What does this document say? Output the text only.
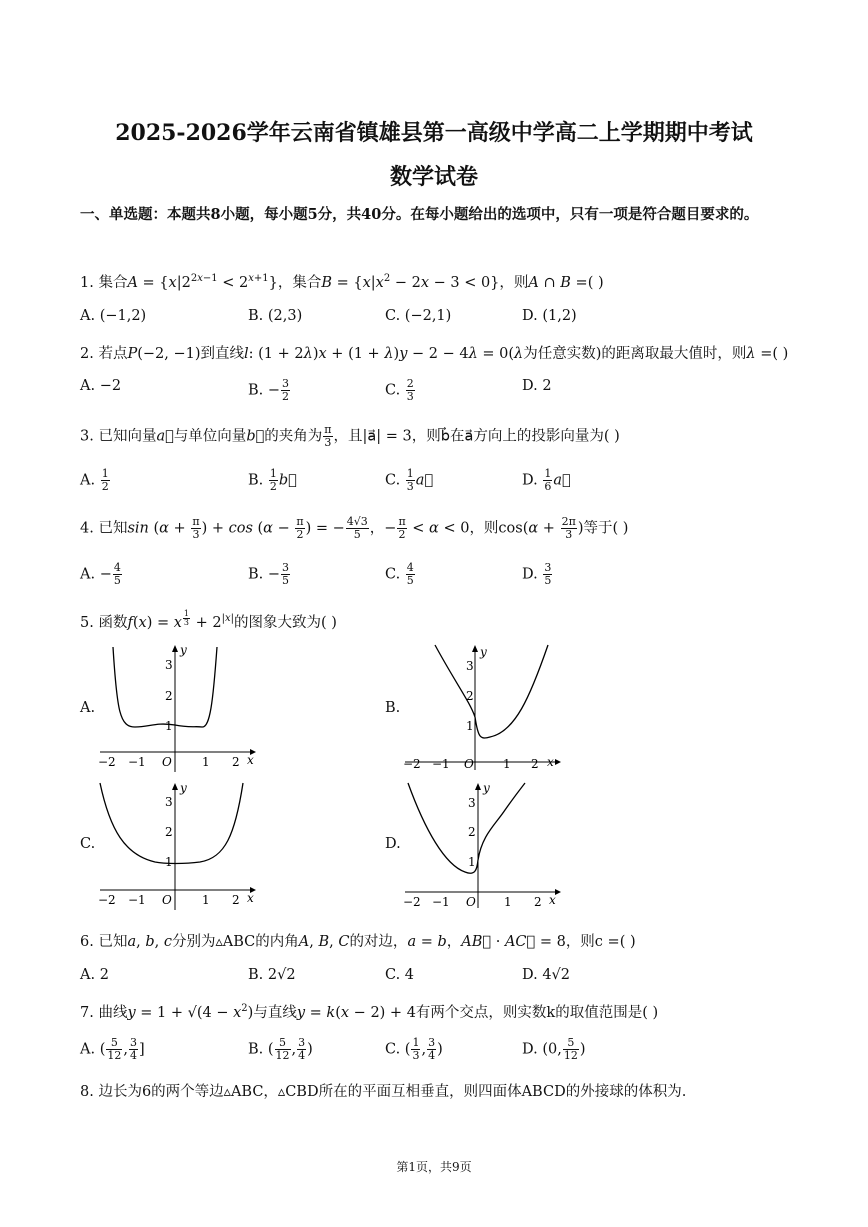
2025-2026学年云南省镇雄县第一高级中学高二上学期期中考试
数学试卷
一、单选题：本题共8小题，每小题5分，共40分。在每小题给出的选项中，只有一项是符合题目要求的。
1. 集合$A = \{x|2^{2x-1} < 2^{x+1}\}$，集合$B = \{x|x^2 - 2x - 3 < 0\}$，则A ∩ B =( )
A. (−1,2)	B. (2,3)	C. (−2,1)	D. (1,2)
2. 若点P(−2, −1)到直线l: (1 + 2λ)x + (1 + λ)y − 2 − 4λ = 0(λ为任意实数)的距离取最大值时，则λ =( )
A. −2	B. − $\frac{3}{2}$	C. $\frac{2}{3}$	D. 2
3. 已知向量a⃗与单位向量b⃗的夹角为 $\frac{\pi}{3}$ ，且|a⃗| = 3，则b⃗在a⃗方向上的投影向量为( )
A. $\frac{1}{2}$	B. $\frac{1}{2}$ b⃗	C. $\frac{1}{3}$ a⃗	D. $\frac{1}{6}$ a⃗
4. 已知$\sin (\alpha + \frac{\pi}{3}$ ) + $\cos (\alpha - \frac{\pi}{2}$ ) = − $\frac{4√3}{5}$ ，− $\frac{\pi}{2} < \alpha < 0$，则$\cos(\alpha + \frac{2\pi}{3}$ )等于( )
A. − $\frac{4}{5}$	B. − $\frac{3}{5}$	C. $\frac{4}{5}$	D. $\frac{3}{5}$
5. 函数f(x) = x $^{\frac{1}{3}} + 2^{|x|}$的图象大致为( )
A.	B.
C.	D.
−2 −1 O	1 2 x
1
2
3
y
−2 −1 O 1 2 x
1
2
3
y
−2 −1 O	1 2 x
1
2
3
y
−2 −1 O 1 2 x
1
2
3
y
6. 已知a, b, c分别为▵ABC的内角A, B, C的对边，a = b，AB⃗ · AC⃗ = 8，则c =( )
A. 2	B. 2√2	C. 4	D. 4√2
7. 曲线$y = 1 + √(4 - x^2)$与直线y = k(x − 2) + 4有两个交点，则实数k的取值范围是( )
A. ( $\frac{5}{12}$ , $\frac{3}{4}$ ]	B. ( $\frac{5}{12}$ , $\frac{3}{4}$ )	C. ( $\frac{1}{3}$ , $\frac{3}{4}$ )	D. (0, $\frac{5}{12}$ )
8. 边长为6的两个等边▵ABC，▵CBD所在的平面互相垂直，则四面体ABCD的外接球的体积为.
第1页，共9页
